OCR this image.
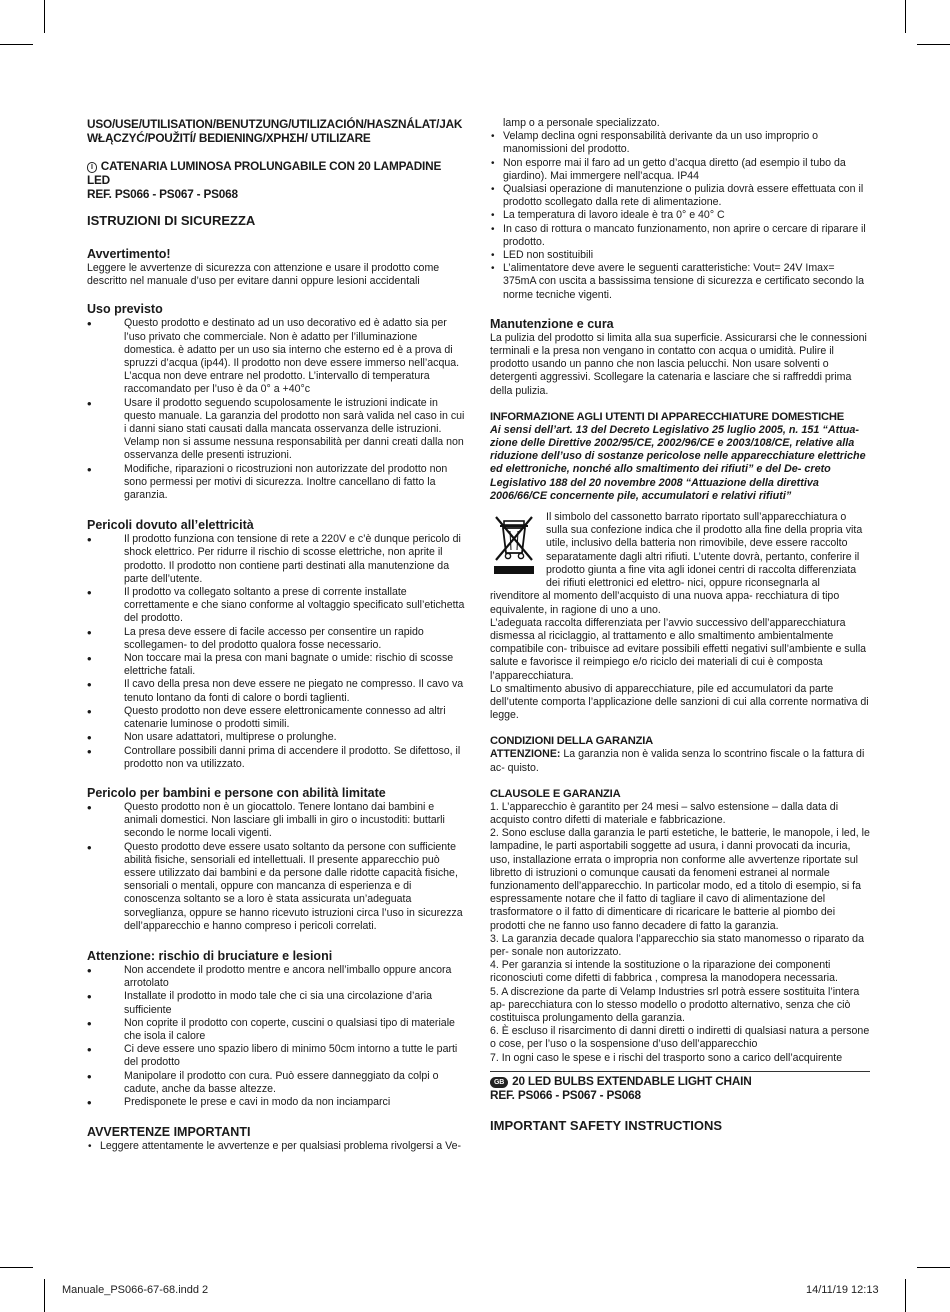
USO/USE/UTILISATION/BENUTZUNG/UTILIZACIÓN/HASZNÁLAT/JAK WŁĄCZYĆ/POUŽITÍ/ BEDIENING/ΧΡΗΣΗ/ UTILIZARE
I CATENARIA LUMINOSA PROLUNGABILE CON 20 LAMPADINE LED
REF. PS066 - PS067 - PS068
ISTRUZIONI DI SICUREZZA
Avvertimento!

Leggere le avvertenze di sicurezza con attenzione e usare il prodotto come descritto nel manuale d’uso per evitare danni oppure lesioni accidentali

Uso previsto
• Questo prodotto e destinato ad un uso decorativo ed è adatto sia per l’uso privato che commerciale. Non è adatto per l’illuminazione domestica. è adatto per un uso sia interno che esterno ed è a prova di spruzzi d’acqua (ip44). Il prodotto non deve essere immerso nell’acqua. L’acqua non deve entrare nel prodotto. L’intervallo di temperatura raccomandato per l’uso è da 0° a +40°c
• Usare il prodotto seguendo scupolosamente le istruzioni indicate in questo manuale. La garanzia del prodotto non sarà valida nel caso in cui i danni siano stati causati dalla mancata osservanza delle istruzioni. Velamp non si assume nessuna responsabilità per danni creati dalla non osservanza delle presenti istruzioni.
• Modifiche, riparazioni o ricostruzioni non autorizzate del prodotto non sono permessi per motivi di sicurezza. Inoltre cancellano di fatto la garanzia.
Pericoli dovuto all’elettricità
• Il prodotto funziona con tensione di rete a 220V e c’è dunque pericolo di shock elettrico. Per ridurre il rischio di scosse elettriche, non aprite il prodotto. Il prodotto non contiene parti destinati alla manutenzione da parte dell’utente.
• Il prodotto va collegato soltanto a prese di corrente installate correttamente e che siano conforme al voltaggio specificato sull’etichetta del prodotto.
• La presa deve essere di facile accesso per consentire un rapido scollegamen- to del prodotto qualora fosse necessario.
• Non toccare mai la presa con mani bagnate o umide: rischio di scosse elettriche fatali.
• Il cavo della presa non deve essere ne piegato ne compresso. Il cavo va tenuto lontano da fonti di calore o bordi taglienti.
• Questo prodotto non deve essere elettronicamente connesso ad altri catenarie luminose o prodotti simili.
• Non usare adattatori, multiprese o prolunghe.
• Controllare possibili danni prima di accendere il prodotto. Se difettoso, il prodotto non va utilizzato.
Pericolo per bambini e persone con abilità limitate
• Questo prodotto non è un giocattolo. Tenere lontano dai bambini e animali domestici. Non lasciare gli imballi in giro o incustoditi: buttarli secondo le norme locali vigenti.
• Questo prodotto deve essere usato soltanto da persone con sufficiente abilità fisiche, sensoriali ed intellettuali. Il presente apparecchio può essere utilizzato dai bambini e da persone dalle ridotte capacità fisiche, sensoriali o mentali, oppure con mancanza di esperienza e di conoscenza soltanto se a loro è stata assicurata un’adeguata sorveglianza, oppure se hanno ricevuto istruzioni circa l’uso in sicurezza dell’apparecchio e hanno compreso i pericoli correlati.
Attenzione: rischio di bruciature e lesioni
• Non accendete il prodotto mentre e ancora nell’imballo oppure ancora arrotolato
• Installate il prodotto in modo tale che ci sia una circolazione d’aria sufficiente
• Non coprite il prodotto con coperte, cuscini o qualsiasi tipo di materiale che isola il calore
• Ci deve essere uno spazio libero di minimo 50cm intorno a tutte le parti del prodotto
• Manipolare il prodotto con cura. Può essere danneggiato da colpi o cadute, anche da basse altezze.
• Predisponete le prese e cavi in modo da non inciamparci
AVVERTENZE IMPORTANTI
• Leggere attentamente le avvertenze e per qualsiasi problema rivolgersi a Ve-
lamp o a personale specializzato.
• Velamp declina ogni responsabilità derivante da un uso improprio o manomissioni del prodotto.
• Non esporre mai il faro ad un getto d’acqua diretto (ad esempio il tubo da giardino). Mai immergere nell’acqua. IP44
• Qualsiasi operazione di manutenzione o pulizia dovrà essere effettuata con il prodotto scollegato dalla rete di alimentazione.
• La temperatura di lavoro ideale è tra 0° e 40° C
• In caso di rottura o mancato funzionamento, non aprire o cercare di riparare il prodotto.
• LED non sostituibili
• L’alimentatore deve avere le seguenti caratteristiche: Vout= 24V Imax= 375mA con uscita a bassissima tensione di sicurezza e certificato secondo la norme tecniche vigenti.
Manutenzione e cura

La pulizia del prodotto si limita alla sua superficie. Assicurarsi che le connessioni terminali e la presa non vengano in contatto con acqua o umidità. Pulire il prodotto usando un panno che non lascia pelucchi. Non usare solventi o detergenti aggressivi. Scollegare la catenaria e lasciare che si raffreddi prima della pulizia.

INFORMAZIONE AGLI UTENTI DI APPARECCHIATURE DOMESTICHE
Ai sensi dell’art. 13 del Decreto Legislativo 25 luglio 2005, n. 151 “Attua- zione delle Direttive 2002/95/CE, 2002/96/CE e 2003/108/CE, relative alla riduzione dell’uso di sostanze pericolose nelle apparecchiature elettriche ed elettroniche, nonché allo smaltimento dei rifiuti” e del De- creto Legislativo 188 del 20 novembre 2008 “Attuazione della direttiva 2006/66/CE concernente pile, accumulatori e relativi rifiuti”

Il simbolo del cassonetto barrato riportato sull’apparecchiatura o sulla sua confezione indica che il prodotto alla fine della propria vita utile, inclusivo della batteria non rimovibile, deve essere raccolto separatamente dagli altri rifiuti. L’utente dovrà, pertanto, conferire il prodotto giunta a fine vita agli idonei centri di raccolta differenziata dei rifiuti elettronici ed elettro- nici, oppure riconsegnarla al rivenditore al momento dell’acquisto di una nuova appa- recchiatura di tipo equivalente, in ragione di uno a uno.

L’adeguata raccolta differenziata per l’avvio successivo dell’apparecchiatura dismessa al riciclaggio, al trattamento e allo smaltimento ambientalmente compatibile con- tribuisce ad evitare possibili effetti negativi sull’ambiente e sulla salute e favorisce il reimpiego e/o riciclo dei materiali di cui è composta l’apparecchiatura.

Lo smaltimento abusivo di apparecchiature, pile ed accumulatori da parte dell’utente comporta l’applicazione delle sanzioni di cui alla corrente normativa di legge.

CONDIZIONI DELLA GARANZIA

ATTENZIONE: La garanzia non è valida senza lo scontrino fiscale o la fattura di ac- quisto.

CLAUSOLE E GARANZIA

1. L’apparecchio è garantito per 24 mesi – salvo estensione – dalla data di acquisto contro difetti di materiale e fabbricazione.

2. Sono escluse dalla garanzia le parti estetiche, le batterie, le manopole, i led, le lampadine, le parti asportabili soggette ad usura, i danni provocati da incuria, uso, installazione errata o impropria non conforme alle avvertenze riportate sul libretto di istruzioni o comunque causati da fenomeni estranei al normale funzionamento dell’apparecchio. In particolar modo, ed a titolo di esempio, si fa espressamente notare che il fatto di tagliare il cavo di alimentazione del trasformatore o il fatto di dimenticare di ricaricare le batterie al piombo dei prodotti che ne fanno uso fanno decadere di fatto la garanzia.

3. La garanzia decade qualora l’apparecchio sia stato manomesso o riparato da per- sonale non autorizzato.

4. Per garanzia si intende la sostituzione o la riparazione dei componenti riconosciuti come difetti di fabbrica , compresa la manodopera necessaria.

5. A discrezione da parte di Velamp Industries srl potrà essere sostituita l’intera ap- parecchiatura con lo stesso modello o prodotto alternativo, senza che ciò costituisca prolungamento della garanzia.

6. È escluso il risarcimento di danni diretti o indiretti di qualsiasi natura a persone o cose, per l’uso o la sospensione d’uso dell’apparecchio

7. In ogni caso le spese e i rischi del trasporto sono a carico dell’acquirente

GB 20 LED BULBS EXTENDABLE LIGHT CHAIN
REF. PS066 - PS067 - PS068
IMPORTANT SAFETY INSTRUCTIONS
Manuale_PS066-67-68.indd 2	14/11/19 12:13
